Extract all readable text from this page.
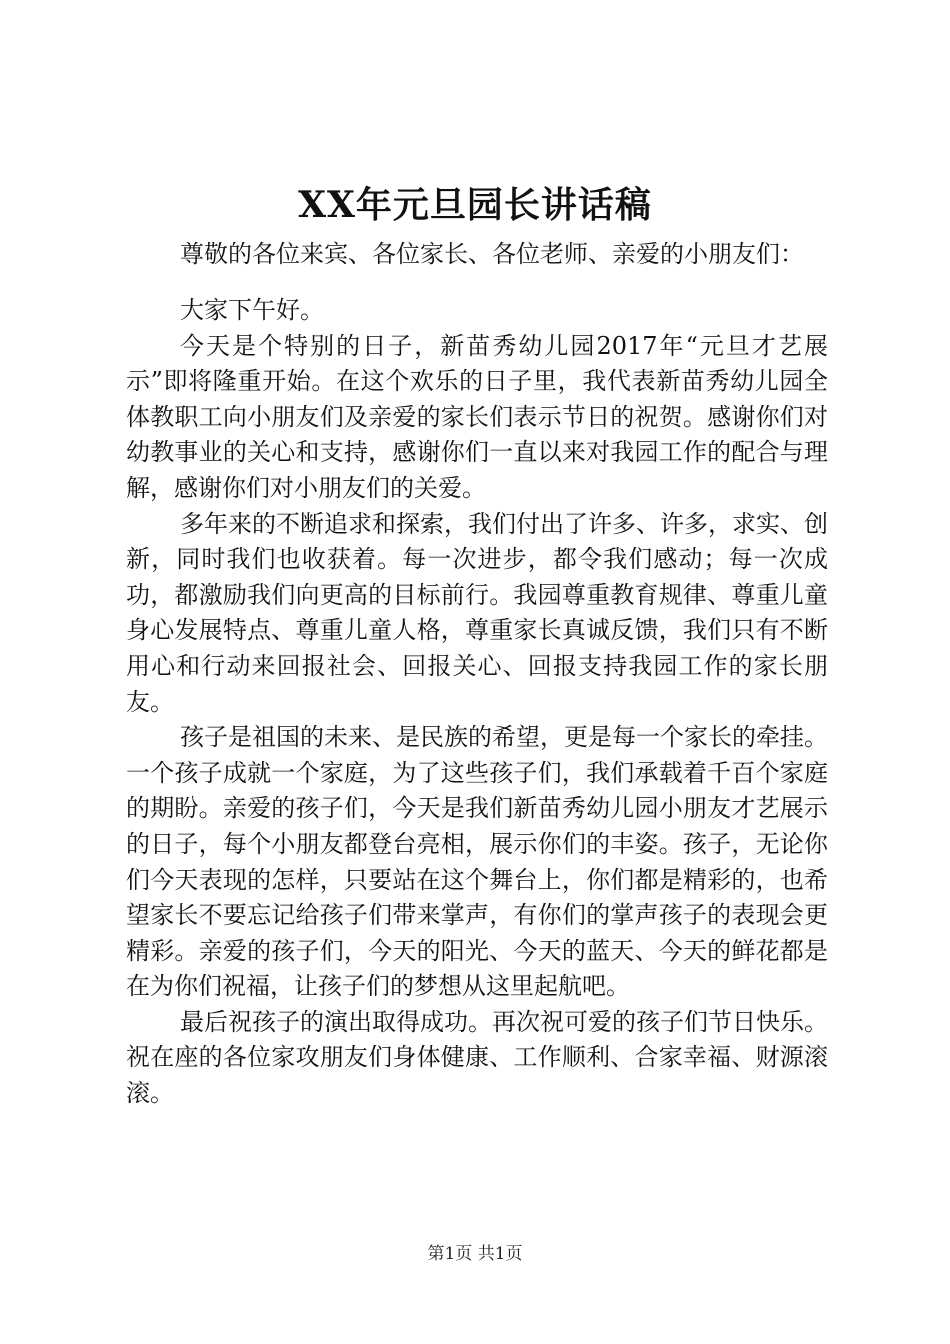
XX年元旦园长讲话稿
尊敬的各位来宾、各位家长、各位老师、亲爱的小朋友们：

大家下午好。

今天是个特别的日子，新苗秀幼儿园2017年“元旦才艺展示”即将隆重开始。在这个欢乐的日子里，我代表新苗秀幼儿园全体教职工向小朋友们及亲爱的家长们表示节日的祝贺。感谢你们对幼教事业的关心和支持，感谢你们一直以来对我园工作的配合与理解，感谢你们对小朋友们的关爱。

多年来的不断追求和探索，我们付出了许多、许多，求实、创新，同时我们也收获着。每一次进步，都令我们感动；每一次成功，都激励我们向更高的目标前行。我园尊重教育规律、尊重儿童身心发展特点、尊重儿童人格，尊重家长真诚反馈，我们只有不断用心和行动来回报社会、回报关心、回报支持我园工作的家长朋友。

孩子是祖国的未来、是民族的希望，更是每一个家长的牵挂。一个孩子成就一个家庭，为了这些孩子们，我们承载着千百个家庭的期盼。亲爱的孩子们，今天是我们新苗秀幼儿园小朋友才艺展示的日子，每个小朋友都登台亮相，展示你们的丰姿。孩子，无论你们今天表现的怎样，只要站在这个舞台上，你们都是精彩的，也希望家长不要忘记给孩子们带来掌声，有你们的掌声孩子的表现会更精彩。亲爱的孩子们，今天的阳光、今天的蓝天、今天的鲜花都是在为你们祝福，让孩子们的梦想从这里起航吧。

最后祝孩子的演出取得成功。再次祝可爱的孩子们节日快乐。祝在座的各位家攻朋友们身体健康、工作顺利、合家幸福、财源滚滚。

第1页 共1页
